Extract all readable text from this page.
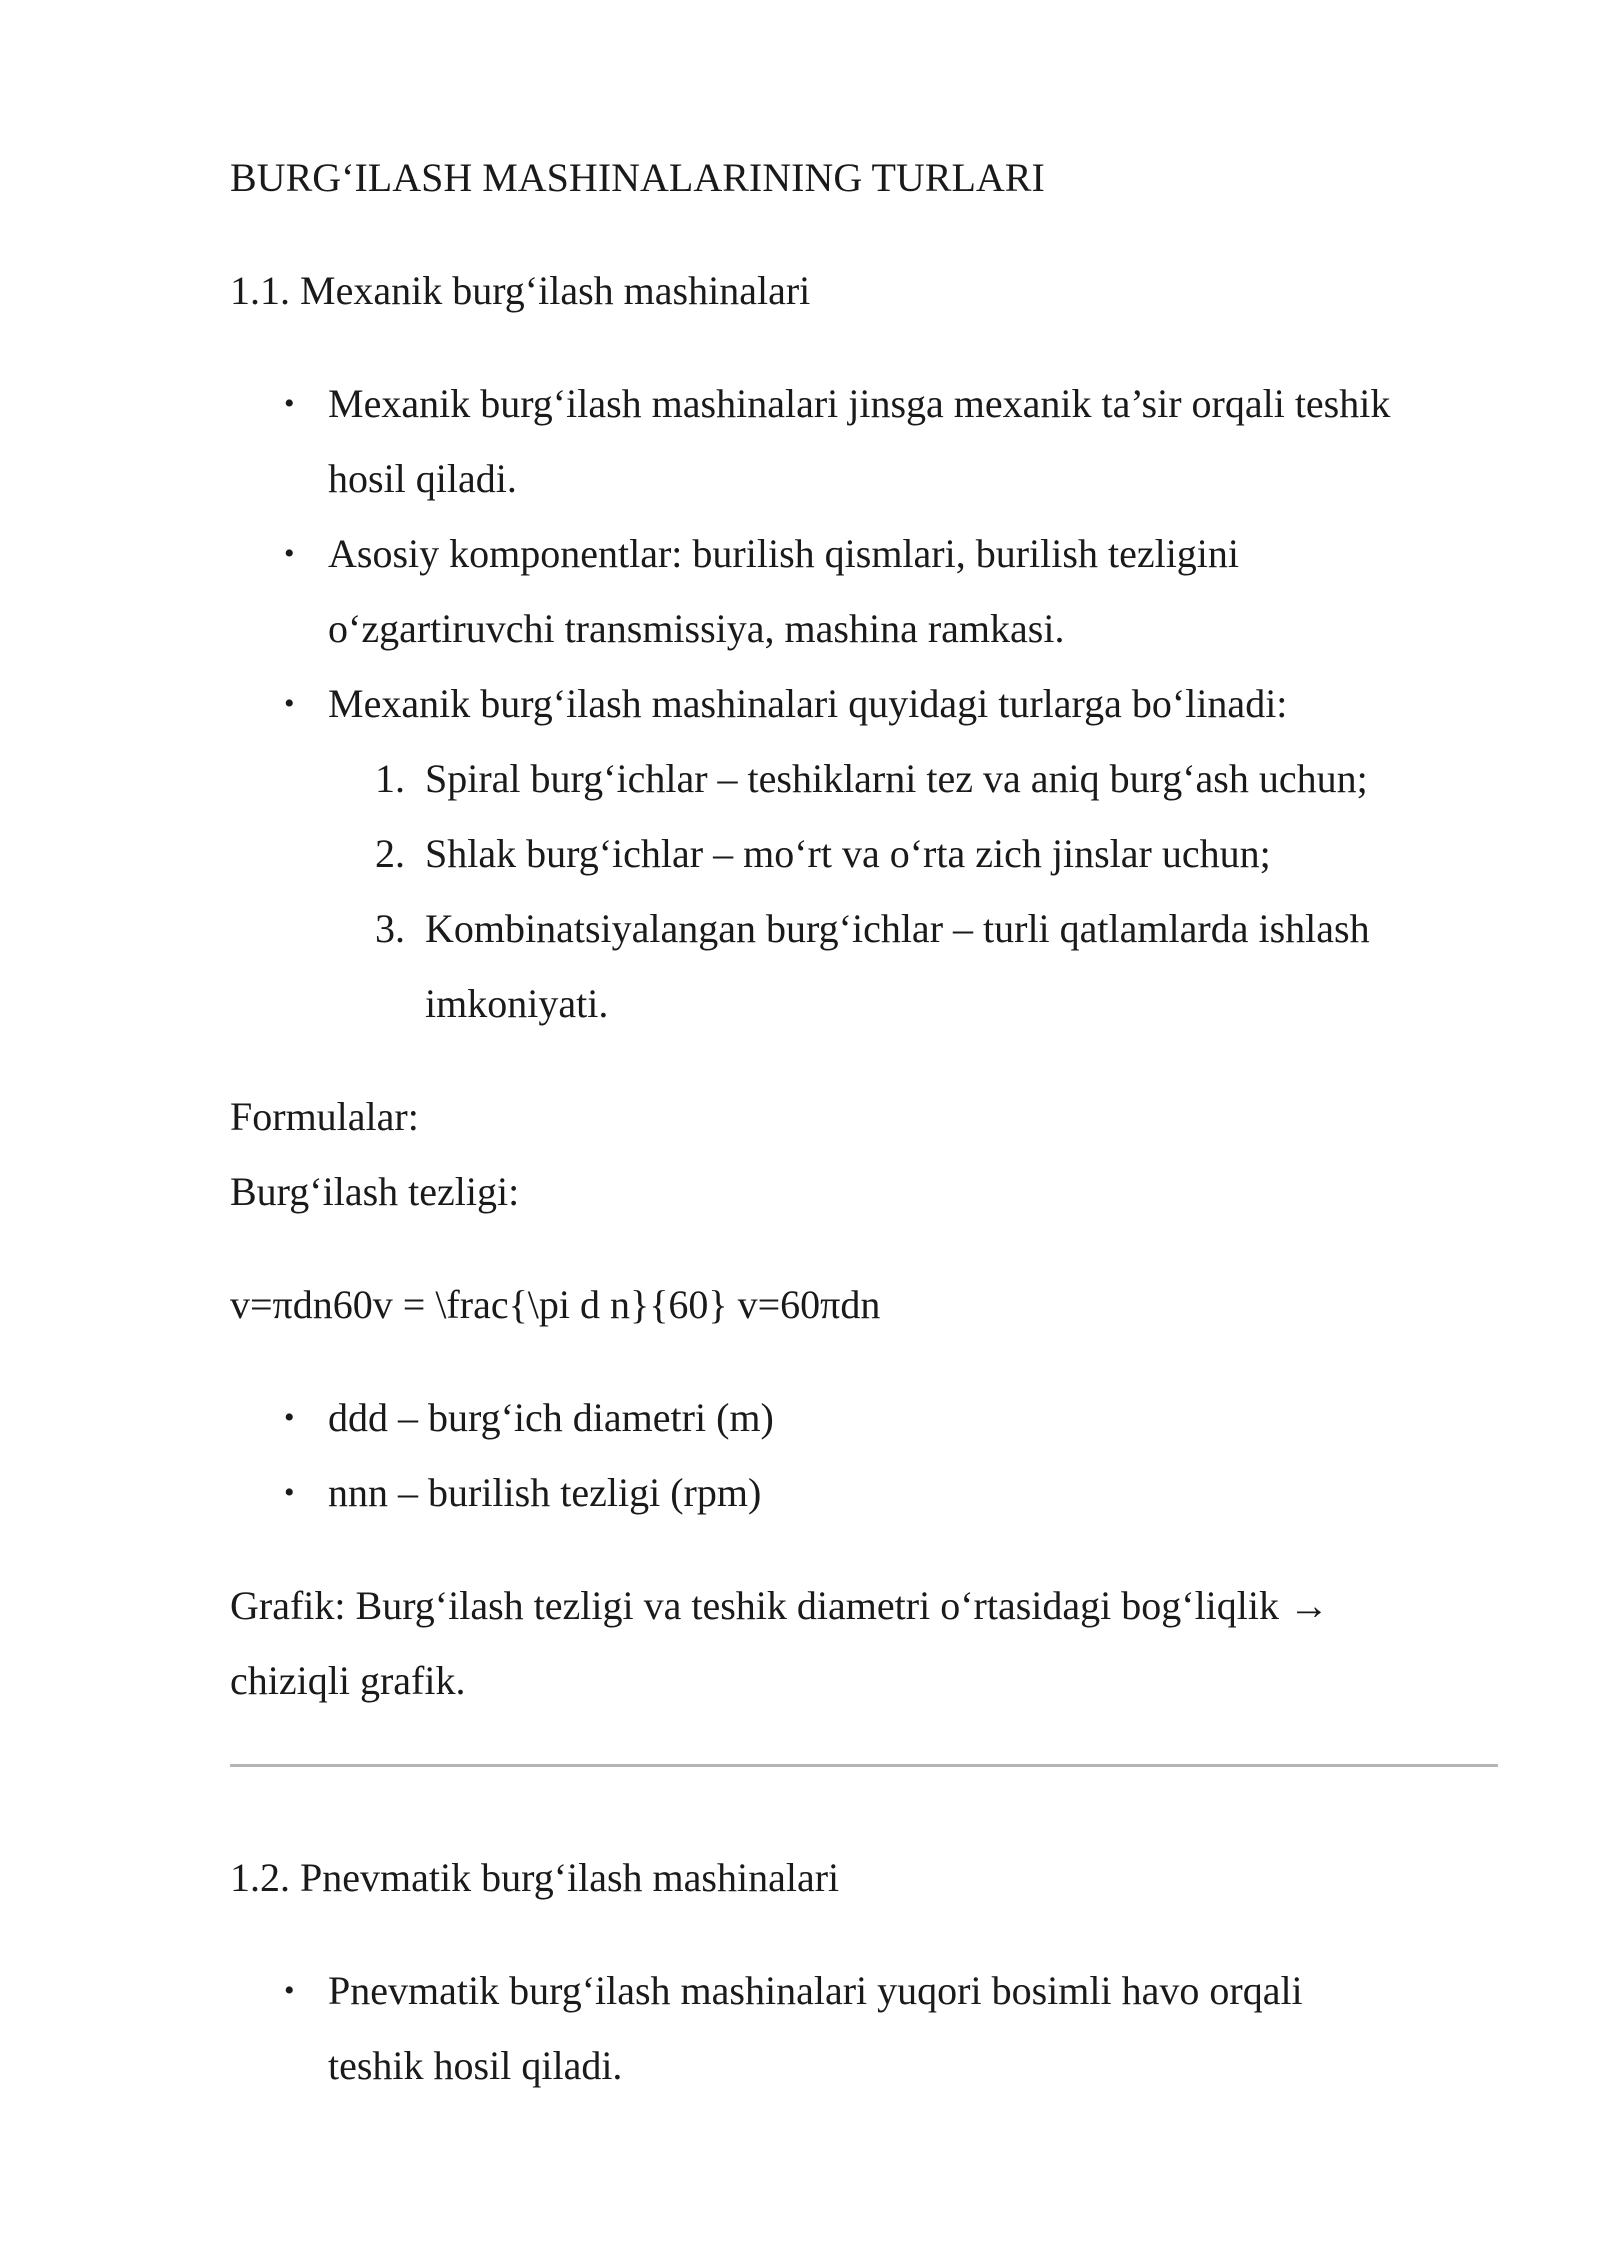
BURG‘ILASH MASHINALARINING TURLARI

1.1. Mexanik burg‘ilash mashinalari

• Mexanik burg‘ilash mashinalari jinsga mexanik ta’sir orqali teshik
hosil qiladi.
• Asosiy komponentlar: burilish qismlari, burilish tezligini
o‘zgartiruvchi transmissiya, mashina ramkasi.
• Mexanik burg‘ilash mashinalari quyidagi turlarga bo‘linadi:
1. Spiral burg‘ichlar – teshiklarni tez va aniq burg‘ash uchun;
2. Shlak burg‘ichlar – mo‘rt va o‘rta zich jinslar uchun;
3. Kombinatsiyalangan burg‘ichlar – turli qatlamlarda ishlash
imkoniyati.

Formulalar:

Burg‘ilash tezligi:

v=πdn60v = \frac{\pi d n}{60} v=60πdn

• ddd – burg‘ich diametri (m)
• nnn – burilish tezligi (rpm)

Grafik: Burg‘ilash tezligi va teshik diametri o‘rtasidagi bog‘liqlik →
chiziqli grafik.

1.2. Pnevmatik burg‘ilash mashinalari

• Pnevmatik burg‘ilash mashinalari yuqori bosimli havo orqali
teshik hosil qiladi.
